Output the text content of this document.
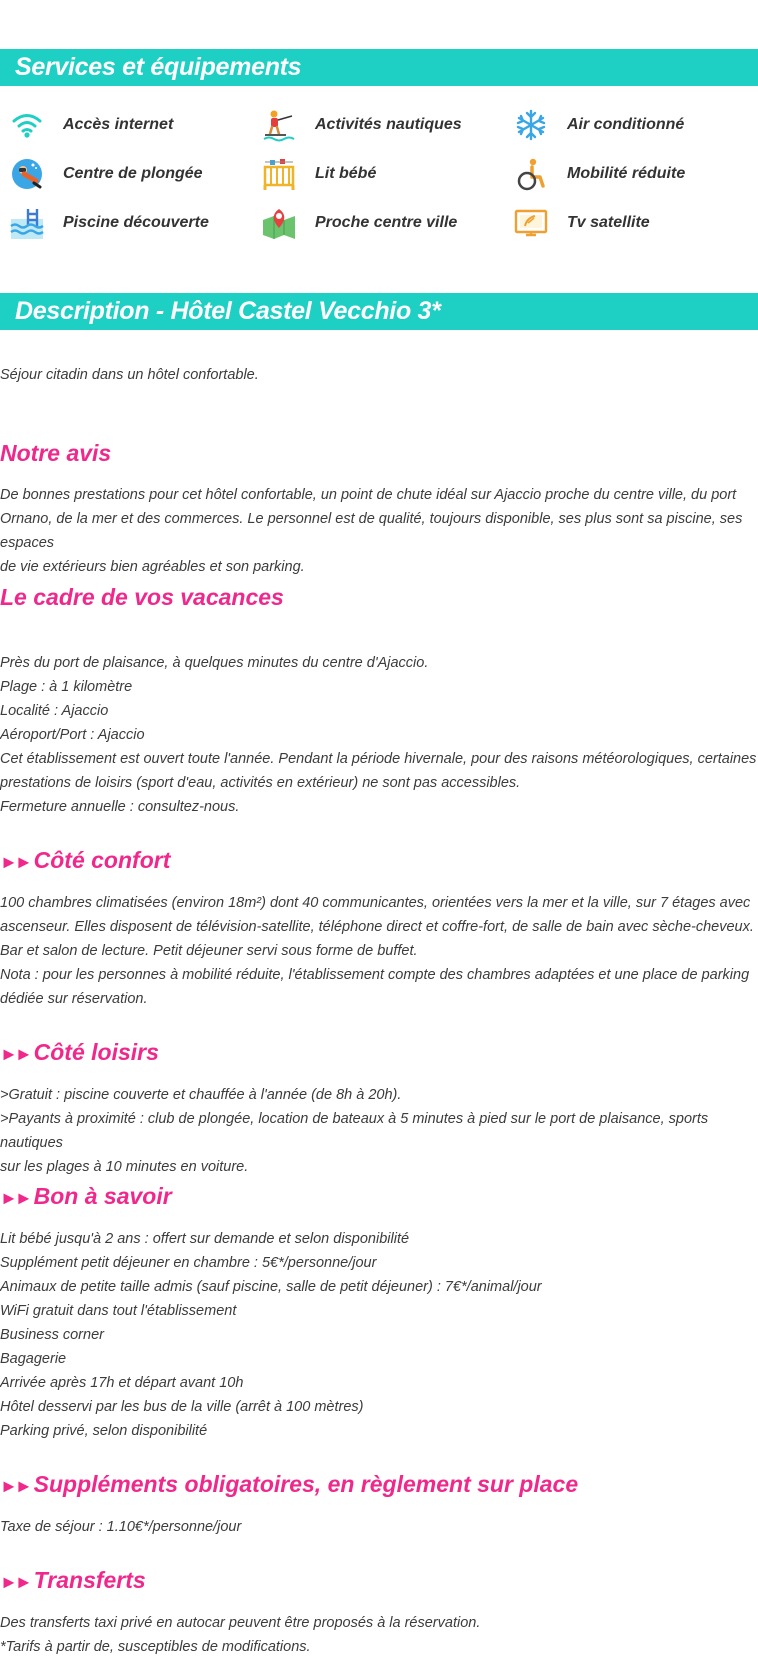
Services et équipements
Accès internet	Activités nautiques	Air conditionné
Centre de plongée	Lit bébé	Mobilité réduite
Piscine découverte	Proche centre ville	Tv satellite
Description - Hôtel Castel Vecchio 3*
Séjour citadin dans un hôtel confortable.
Notre avis
De bonnes prestations pour cet hôtel confortable, un point de chute idéal sur Ajaccio proche du centre ville, du port
Ornano, de la mer et des commerces. Le personnel est de qualité, toujours disponible, ses plus sont sa piscine, ses espaces
de vie extérieurs bien agréables et son parking.
Le cadre de vos vacances
Près du port de plaisance, à quelques minutes du centre d'Ajaccio.
Plage : à 1 kilomètre
Localité : Ajaccio
Aéroport/Port : Ajaccio
Cet établissement est ouvert toute l'année. Pendant la période hivernale, pour des raisons météorologiques, certaines
prestations de loisirs (sport d'eau, activités en extérieur) ne sont pas accessibles.
Fermeture annuelle : consultez-nous.
►► Côté confort
100 chambres climatisées (environ 18m²) dont 40 communicantes, orientées vers la mer et la ville, sur 7 étages avec
ascenseur. Elles disposent de télévision-satellite, téléphone direct et coffre-fort, de salle de bain avec sèche-cheveux.
Bar et salon de lecture. Petit déjeuner servi sous forme de buffet.
Nota : pour les personnes à mobilité réduite, l'établissement compte des chambres adaptées et une place de parking
dédiée sur réservation.
►► Côté loisirs
>Gratuit : piscine couverte et chauffée à l'année (de 8h à 20h).
>Payants à proximité : club de plongée, location de bateaux à 5 minutes à pied sur le port de plaisance, sports nautiques
sur les plages à 10 minutes en voiture.
►► Bon à savoir
Lit bébé jusqu'à 2 ans : offert sur demande et selon disponibilité
Supplément petit déjeuner en chambre : 5€*/personne/jour
Animaux de petite taille admis (sauf piscine, salle de petit déjeuner) : 7€*/animal/jour
WiFi gratuit dans tout l'établissement
Business corner
Bagagerie
Arrivée après 17h et départ avant 10h
Hôtel desservi par les bus de la ville (arrêt à 100 mètres)
Parking privé, selon disponibilité
►► Suppléments obligatoires, en règlement sur place
Taxe de séjour : 1.10€*/personne/jour
►► Transferts
Des transferts taxi privé en autocar peuvent être proposés à la réservation.
*Tarifs à partir de, susceptibles de modifications.
